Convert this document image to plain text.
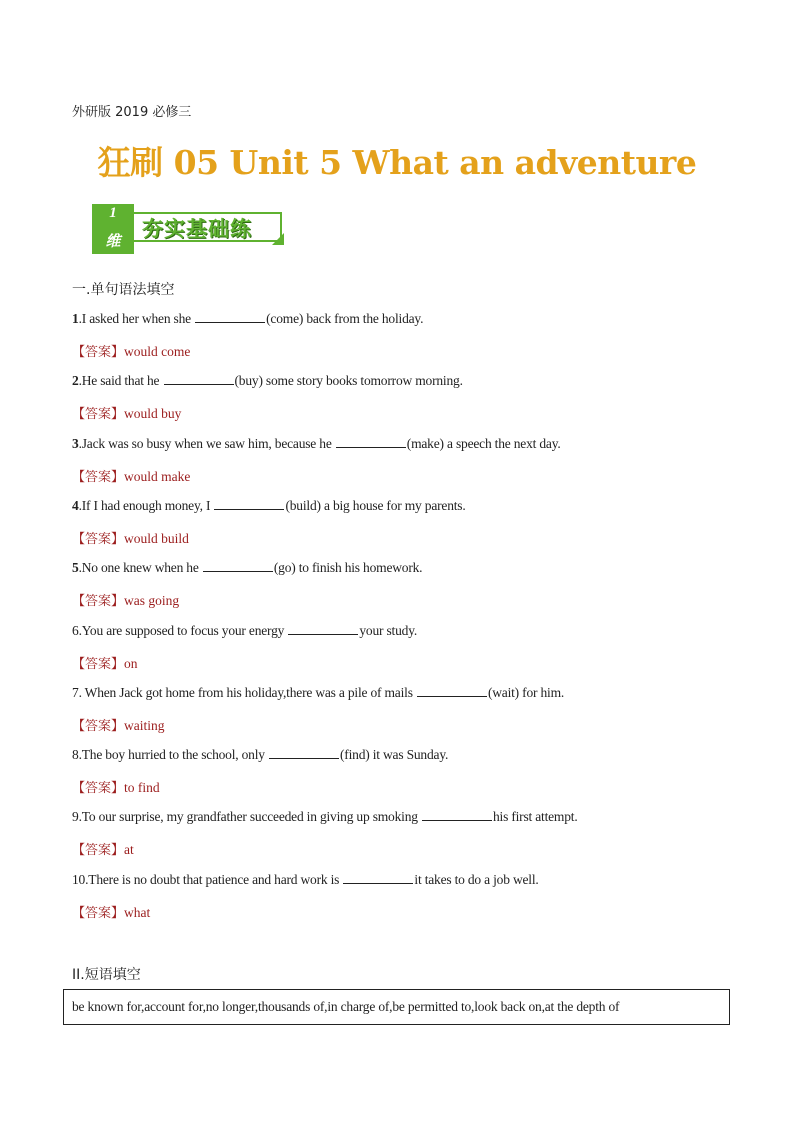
外研版 2019 必修三
狂刷 05 Unit 5 What an adventure
1
维	夯实基础练
一.单句语法填空
1.I asked her when she	(come) back from the holiday.
【答案】would come
2.He said that he	(buy) some story books tomorrow morning.
【答案】would buy
3.Jack was so busy when we saw him, because he	(make) a speech the next day.
【答案】would make
4.If I had enough money, I	(build) a big house for my parents.
【答案】would build
5.No one knew when he	(go) to finish his homework.
【答案】was going
6.You are supposed to focus your energy	your study.
【答案】on
7. When Jack got home from his holiday,there was a pile of mails	(wait) for him.
【答案】waiting
8.The boy hurried to the school, only	(find) it was Sunday.
【答案】to find
9.To our surprise, my grandfather succeeded in giving up smoking	his first attempt.
【答案】at
10.There is no doubt that patience and hard work is	it takes to do a job well.
【答案】what
II.短语填空
be known for,account for,no longer,thousands of,in charge of,be permitted to,look back on,at the depth of
